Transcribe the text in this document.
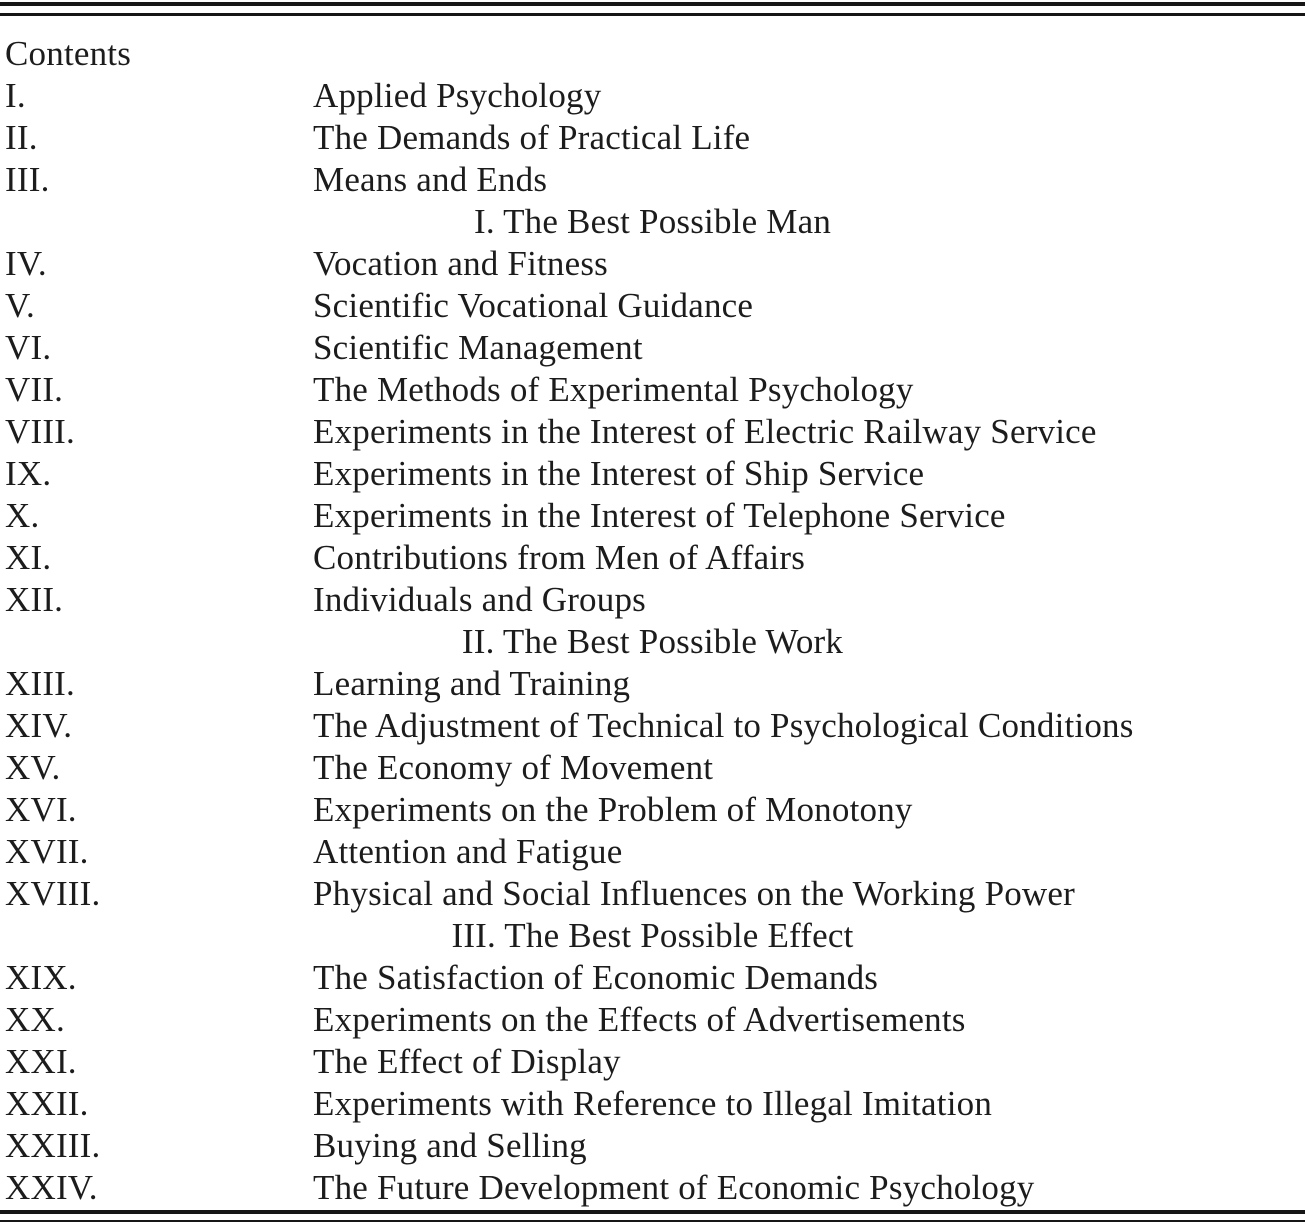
Contents
I.	Applied Psychology
II.	The Demands of Practical Life
III.	Means and Ends
I. The Best Possible Man
IV.	Vocation and Fitness
V.	Scientific Vocational Guidance
VI.	Scientific Management
VII.	The Methods of Experimental Psychology
VIII.	Experiments in the Interest of Electric Railway Service
IX.	Experiments in the Interest of Ship Service
X.	Experiments in the Interest of Telephone Service
XI.	Contributions from Men of Affairs
XII.	Individuals and Groups
II. The Best Possible Work
XIII.	Learning and Training
XIV.	The Adjustment of Technical to Psychological Conditions
XV.	The Economy of Movement
XVI.	Experiments on the Problem of Monotony
XVII.	Attention and Fatigue
XVIII.	Physical and Social Influences on the Working Power
III. The Best Possible Effect
XIX.	The Satisfaction of Economic Demands
XX.	Experiments on the Effects of Advertisements
XXI.	The Effect of Display
XXII.	Experiments with Reference to Illegal Imitation
XXIII.	Buying and Selling
XXIV.	The Future Development of Economic Psychology
